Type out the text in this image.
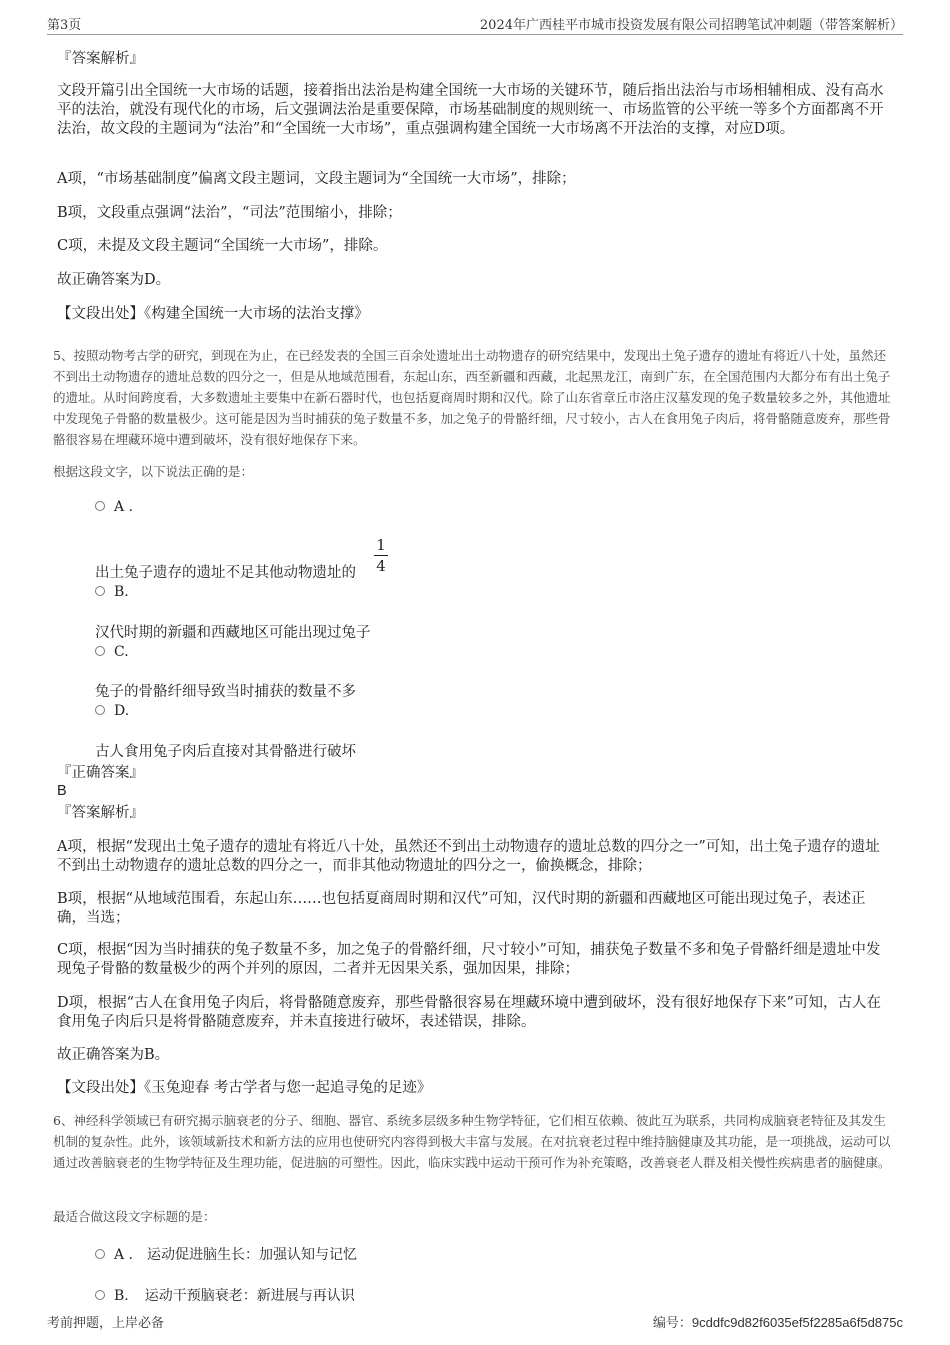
第3页	2024年广西桂平市城市投资发展有限公司招聘笔试冲刺题（带答案解析）
『答案解析』
文段开篇引出全国统一大市场的话题，接着指出法治是构建全国统一大市场的关键环节，随后指出法治与市场相辅相成、没有高水平的法治，就没有现代化的市场，后文强调法治是重要保障，市场基础制度的规则统一、市场监管的公平统一等多个方面都离不开法治，故文段的主题词为“法治”和“全国统一大市场”，重点强调构建全国统一大市场离不开法治的支撑，对应D项。
A项，“市场基础制度”偏离文段主题词，文段主题词为“全国统一大市场”，排除；
B项，文段重点强调“法治”，“司法”范围缩小，排除；
C项，未提及文段主题词“全国统一大市场”，排除。
故正确答案为D。
【文段出处】《构建全国统一大市场的法治支撑》
5、按照动物考古学的研究，到现在为止，在已经发表的全国三百余处遗址出土动物遗存的研究结果中，发现出土兔子遗存的遗址有将近八十处，虽然还不到出土动物遗存的遗址总数的四分之一，但是从地域范围看，东起山东，西至新疆和西藏，北起黑龙江，南到广东，在全国范围内大都分布有出土兔子的遗址。从时间跨度看，大多数遗址主要集中在新石器时代，也包括夏商周时期和汉代。除了山东省章丘市洛庄汉墓发现的兔子数量较多之外，其他遗址中发现兔子骨骼的数量极少。这可能是因为当时捕获的兔子数量不多，加之兔子的骨骼纤细，尺寸较小，古人在食用兔子肉后，将骨骼随意废弃，那些骨骼很容易在埋藏环境中遭到破坏，没有很好地保存下来。
根据这段文字，以下说法正确的是：
A .
出土兔子遗存的遗址不足其他动物遗址的 $\frac{1}{4}$
B.
汉代时期的新疆和西藏地区可能出现过兔子
C.
兔子的骨骼纤细导致当时捕获的数量不多
D.
古人食用兔子肉后直接对其骨骼进行破坏
『正确答案』
B
『答案解析』
A项，根据“发现出土兔子遗存的遗址有将近八十处，虽然还不到出土动物遗存的遗址总数的四分之一”可知，出土兔子遗存的遗址不到出土动物遗存的遗址总数的四分之一，而非其他动物遗址的四分之一，偷换概念，排除；
B项，根据“从地域范围看，东起山东……也包括夏商周时期和汉代”可知，汉代时期的新疆和西藏地区可能出现过兔子，表述正确，当选；
C项，根据“因为当时捕获的兔子数量不多，加之兔子的骨骼纤细，尺寸较小”可知，捕获兔子数量不多和兔子骨骼纤细是遗址中发现兔子骨骼的数量极少的两个并列的原因，二者并无因果关系，强加因果，排除；
D项，根据“古人在食用兔子肉后，将骨骼随意废弃，那些骨骼很容易在埋藏环境中遭到破坏，没有很好地保存下来”可知，古人在食用兔子肉后只是将骨骼随意废弃，并未直接进行破坏，表述错误，排除。
故正确答案为B。
【文段出处】《玉兔迎春 考古学者与您一起追寻兔的足迹》
6、神经科学领域已有研究揭示脑衰老的分子、细胞、器官、系统多层级多种生物学特征，它们相互依赖、彼此互为联系，共同构成脑衰老特征及其发生机制的复杂性。此外，该领域新技术和新方法的应用也使研究内容得到极大丰富与发展。在对抗衰老过程中维持脑健康及其功能，是一项挑战，运动可以通过改善脑衰老的生物学特征及生理功能，促进脑的可塑性。因此，临床实践中运动干预可作为补充策略，改善衰老人群及相关慢性疾病患者的脑健康。
最适合做这段文字标题的是：
A . 运动促进脑生长：加强认知与记忆
B. 运动干预脑衰老：新进展与再认识
考前押题，上岸必备	编号：9cddfc9d82f6035ef5f2285a6f5d875c
